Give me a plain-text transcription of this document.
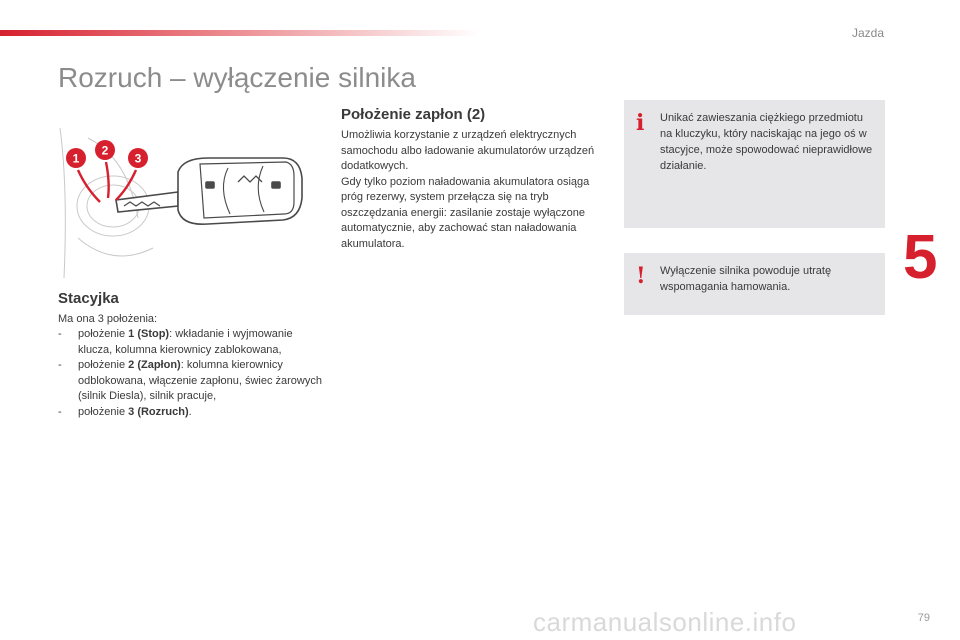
Jazda
Rozruch – wyłączenie silnika
5
1
2
3
Stacyjka

Ma ona 3 położenia:

- położenie 1 (Stop): wkładanie i wyjmowanie klucza, kolumna kierownicy zablokowana,
- położenie 2 (Zapłon): kolumna kierownicy odblokowana, włączenie zapłonu, świec żarowych (silnik Diesla), silnik pracuje,
- położenie 3 (Rozruch).
Położenie zapłon (2)

Umożliwia korzystanie z urządzeń elektrycznych samochodu albo ładowanie akumulatorów urządzeń dodatkowych.

Gdy tylko poziom naładowania akumulatora osiąga próg rezerwy, system przełącza się na tryb oszczędzania energii: zasilanie zostaje wyłączone automatycznie, aby zachować stan naładowania akumulatora.

i Unikać zawieszania ciężkiego przedmiotu na kluczyku, który naciskając na jego oś w stacyjce, może spowodować nieprawidłowe działanie.
! Wyłączenie silnika powoduje utratę wspomagania hamowania.
carmanualsonline.info	79
